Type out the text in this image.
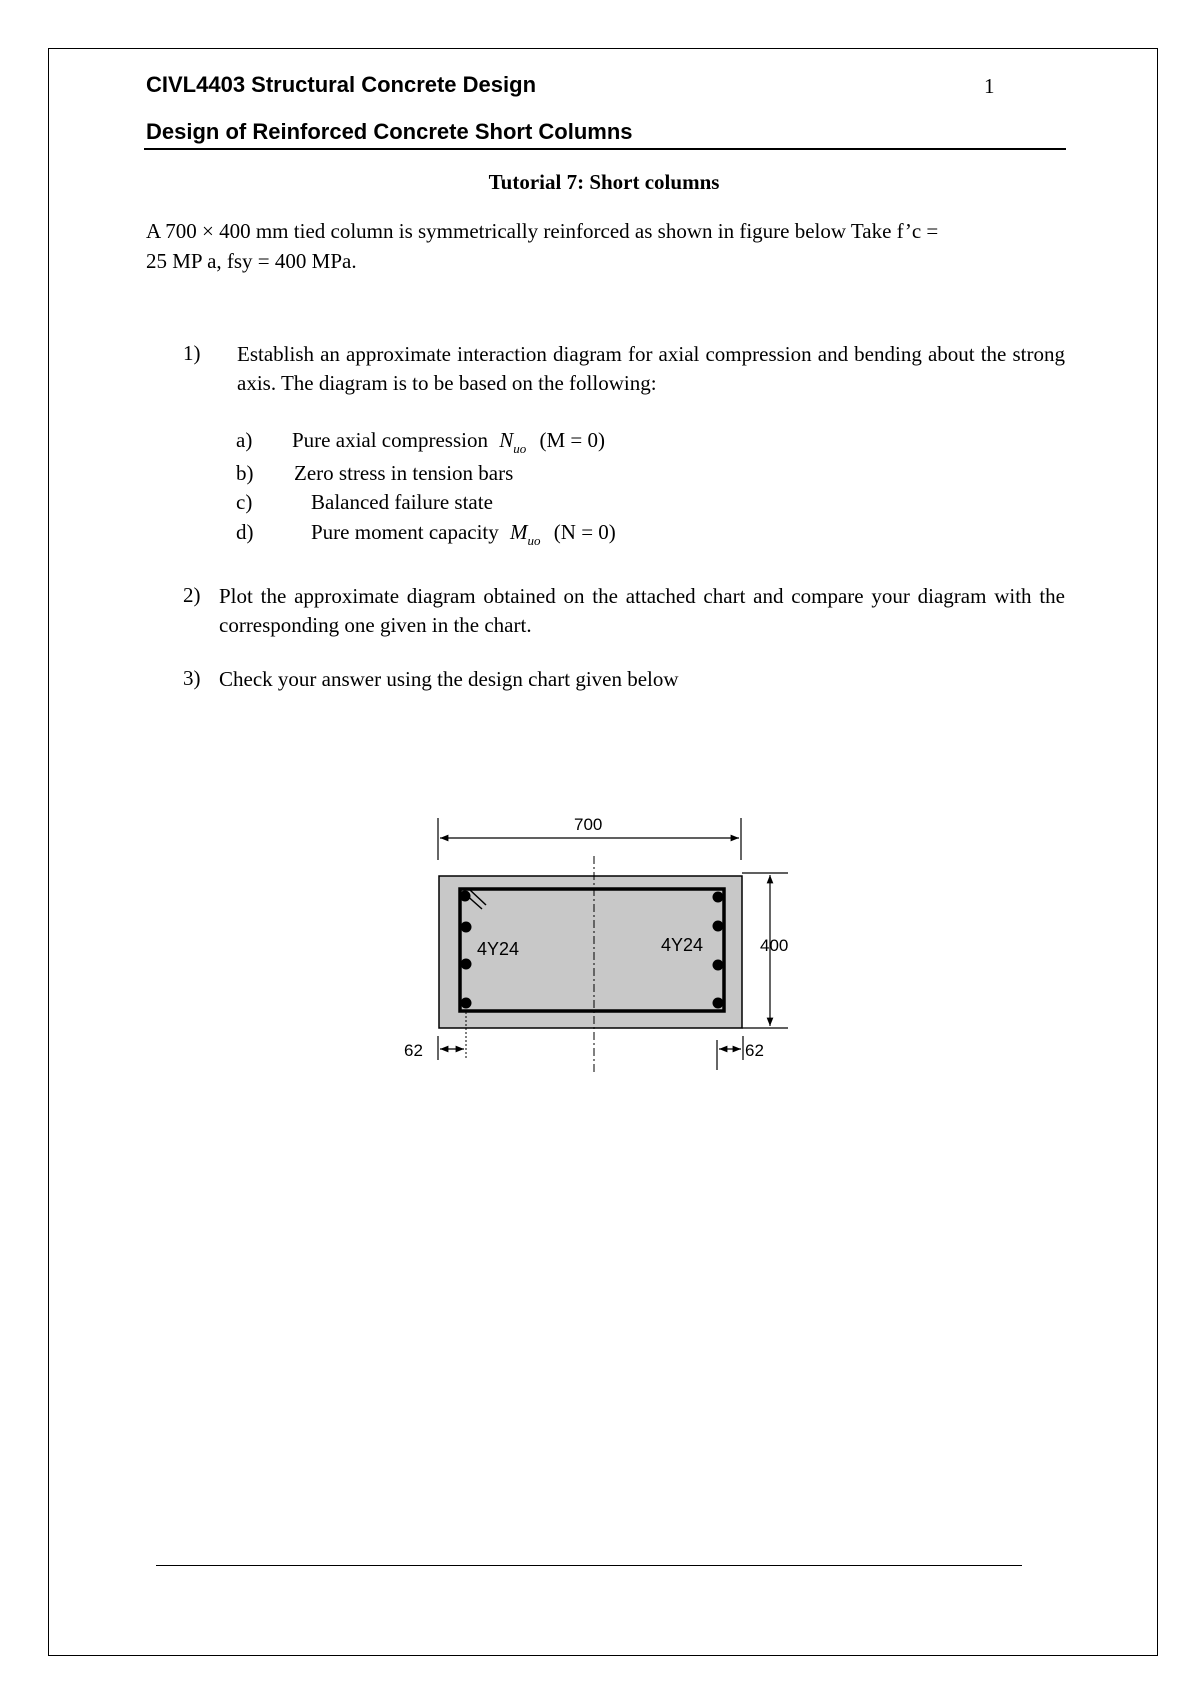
CIVL4403 Structural Concrete Design	1
Design of Reinforced Concrete Short Columns
Tutorial 7: Short columns
A 700 × 400 mm tied column is symmetrically reinforced as shown in figure below Take f’c =
25 MP a, fsy = 400 MPa.
1) Establish an approximate interaction diagram for axial compression and bending about the strong axis. The diagram is to be based on the following:
a) Pure axial compression $N_{uo}$ (M = 0)
b) Zero stress in tension bars
c)	Balanced failure state
d)	Pure moment capacity $M_{uo}$ (N = 0)
2) Plot the approximate diagram obtained on the attached chart and compare your diagram with the corresponding one given in the chart.
3) Check your answer using the design chart given below
700
4Y24	4Y24	400
62	62
